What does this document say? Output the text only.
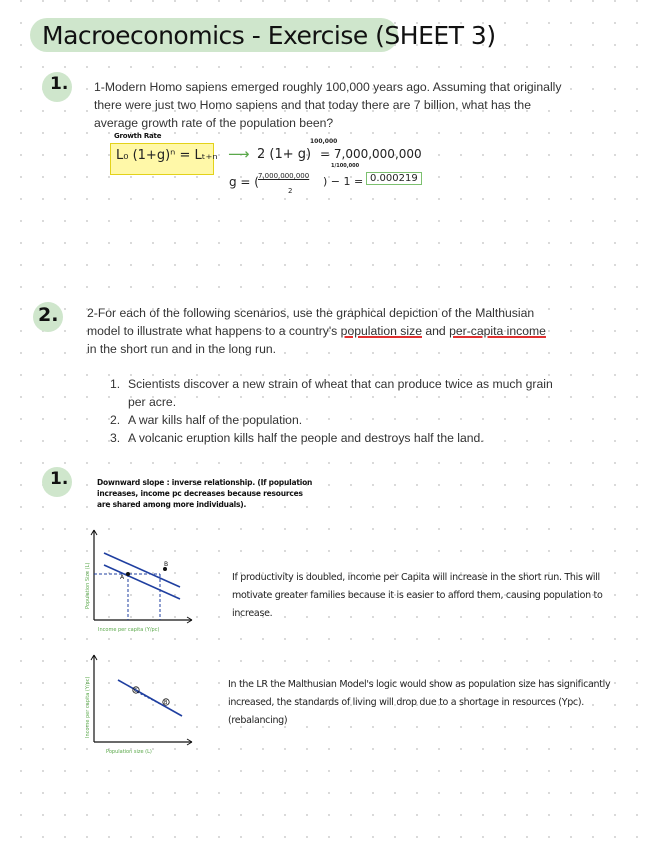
Macroeconomics - Exercise (SHEET 3)
1. 1-Modern Homo sapiens emerged roughly 100,000 years ago. Assuming that originally
there were just two Homo sapiens and that today there are 7 billion, what has the
average growth rate of the population been?
Growth Rate
L₀ (1+g)ⁿ = Lₜ₊ₙ ⟶ 2 (1+ g)
100,000
= 7,000,000,000
g = ( 7,000,000,000
2
1/100,000
) − 1 = 0.000219
2. 2-For each of the following scenarios, use the graphical depiction of the Malthusian
model to illustrate what happens to a country's population size and per-capita income
in the short run and in the long run.
1. Scientists discover a new strain of wheat that can produce twice as much grain
per acre.
2. A war kills half of the population.
3. A volcanic eruption kills half the people and destroys half the land.
1.	Downward slope : inverse relationship. (If population
increases, income pc decreases because resources
are shared among more individuals).
A
B
Population Size (L)
Income per capita (Y/pc)
If productivity is doubled, income per Capita will increase in the short run. This will
motivate greater families because it is easier to afford them, causing population to
increase.
C
B
Income per capita (Y/pc)
Population size (L)
In the LR the Malthusian Model's logic would show as population size has significantly
increased, the standards of living will drop due to a shortage in resources (Ypc).
(rebalancing)
